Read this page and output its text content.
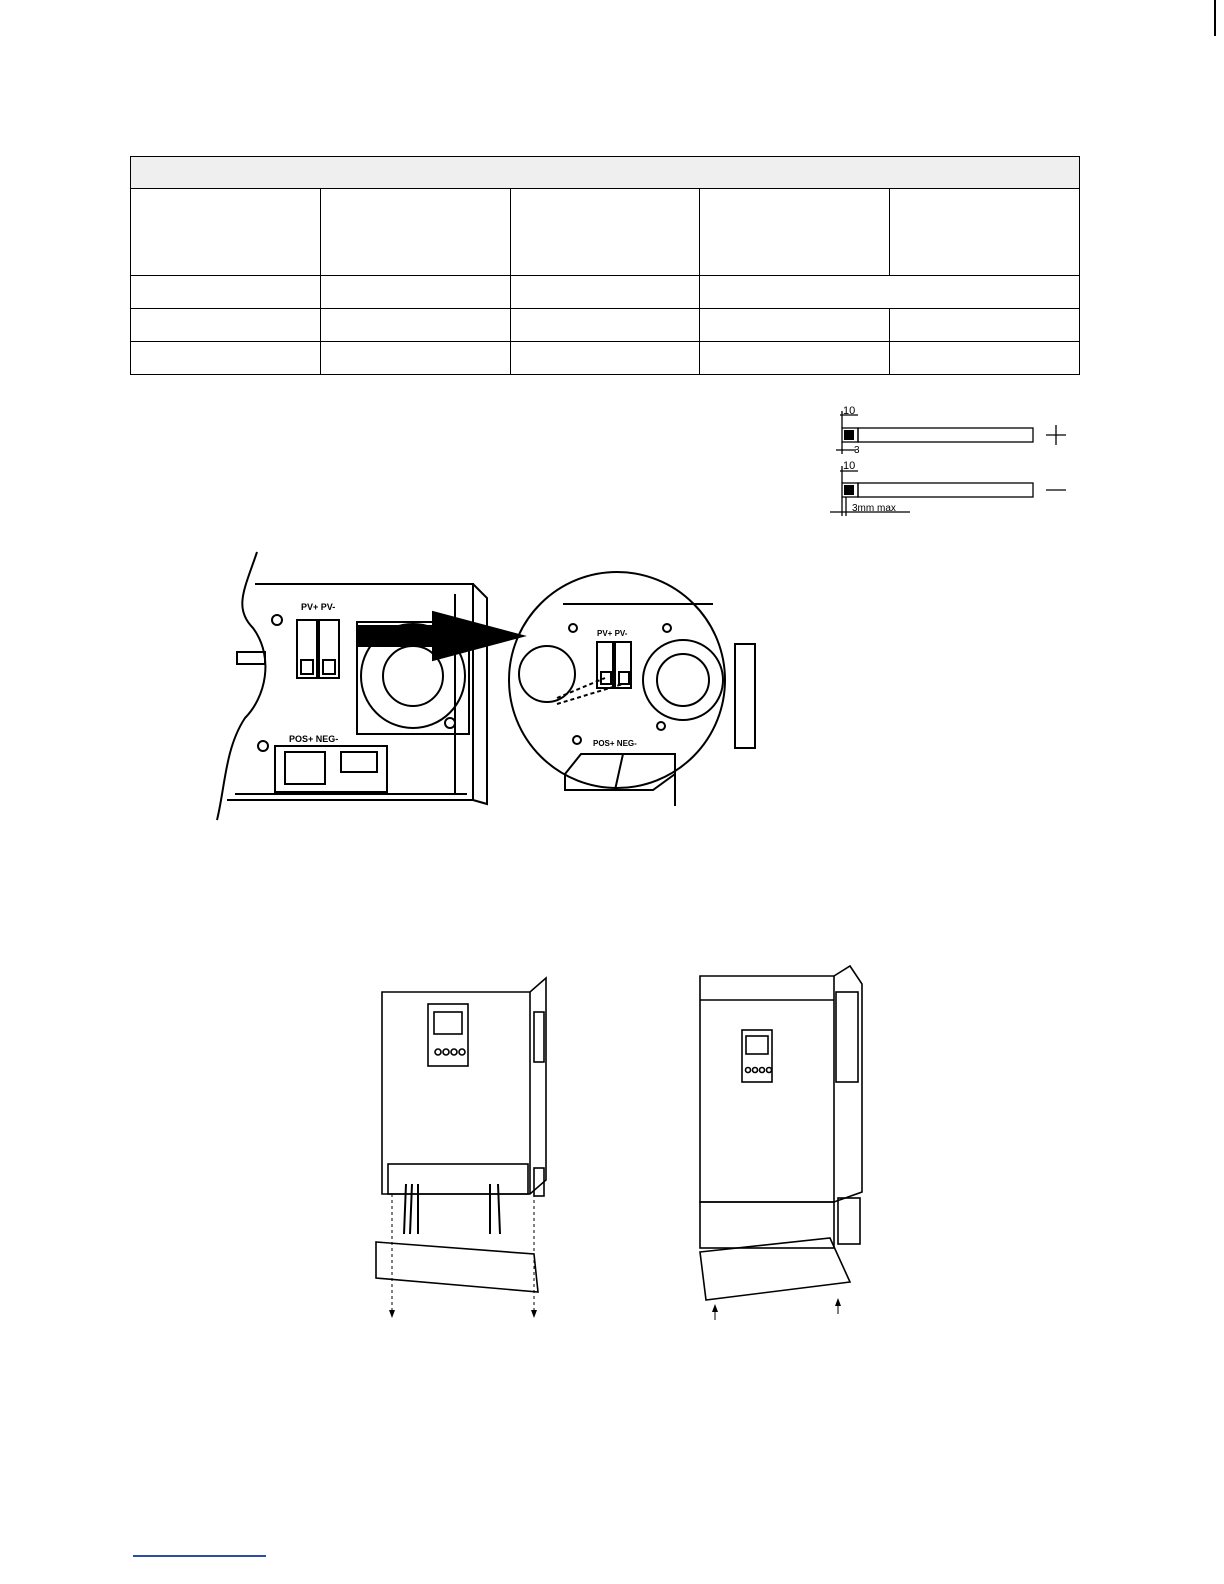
10
3
10
3mm max
PV+ PV-
POS+ NEG-
PV+ PV-
POS+ NEG-
